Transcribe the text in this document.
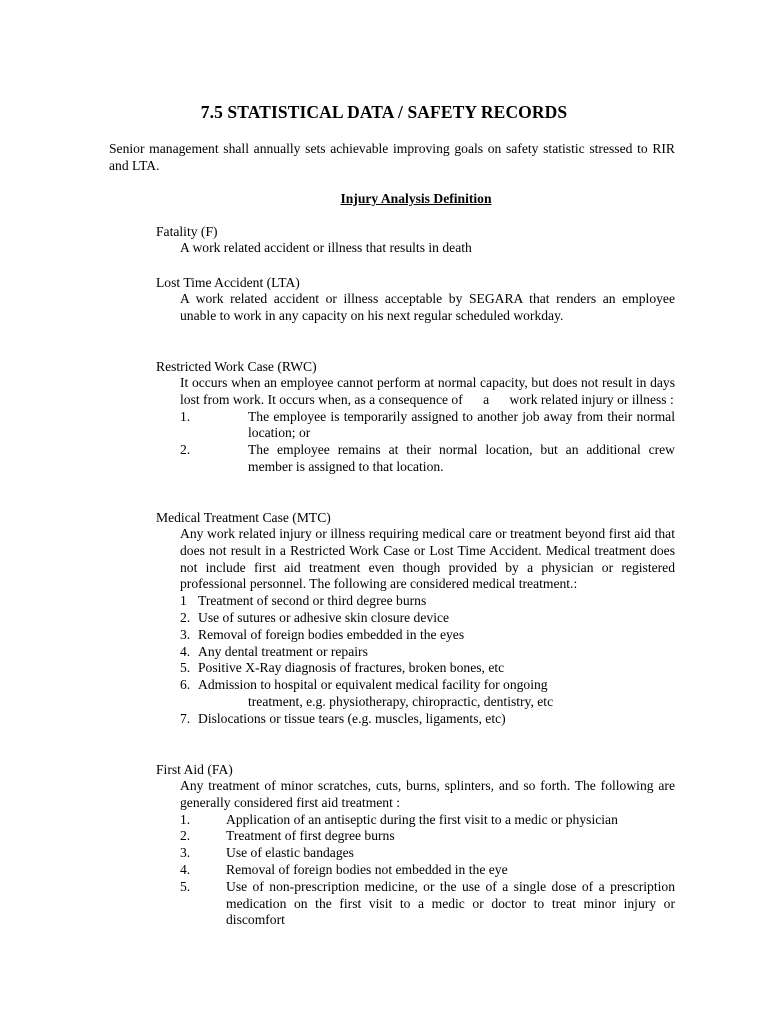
7.5 STATISTICAL DATA / SAFETY RECORDS
Senior management shall annually sets achievable improving goals on safety statistic stressed to RIR and LTA.
Injury Analysis Definition
Fatality (F)
A work related accident or illness that results in death
Lost Time Accident (LTA)
A work related accident or illness acceptable by SEGARA that renders an employee unable to work in any capacity on his next regular scheduled workday.
Restricted Work Case (RWC)
It occurs when an employee cannot perform at normal capacity, but does not result in days lost from work. It occurs when, as a consequence of      a      work related injury or illness :
1.	The employee is temporarily assigned to another job away from their normal location; or
2.	The employee remains at their normal location, but an additional crew member is assigned to that location.
Medical Treatment Case (MTC)
Any work related injury or illness requiring medical care or treatment beyond first aid that does not result in a Restricted Work Case or Lost Time Accident. Medical treatment does not include first aid treatment even though provided by a physician or registered professional personnel. The following are considered medical treatment.:
1 Treatment of second or third degree burns
2. Use of sutures or adhesive skin closure device
3. Removal of foreign bodies embedded in the eyes
4. Any dental treatment or repairs
5. Positive X-Ray diagnosis of fractures, broken bones, etc
6. Admission to hospital or equivalent medical facility for ongoing
treatment, e.g. physiotherapy, chiropractic, dentistry, etc
7. Dislocations or tissue tears (e.g. muscles, ligaments, etc)
First Aid (FA)
Any treatment of minor scratches, cuts, burns, splinters, and so forth. The following are generally considered first aid treatment :
1.	Application of an antiseptic during the first visit to a medic or physician
2.	Treatment of first degree burns
3.	Use of elastic bandages
4.	Removal of foreign bodies not embedded in the eye
5.	Use of non-prescription medicine, or the use of a single dose of a prescription medication on the first visit to a medic or doctor to treat minor injury or discomfort
